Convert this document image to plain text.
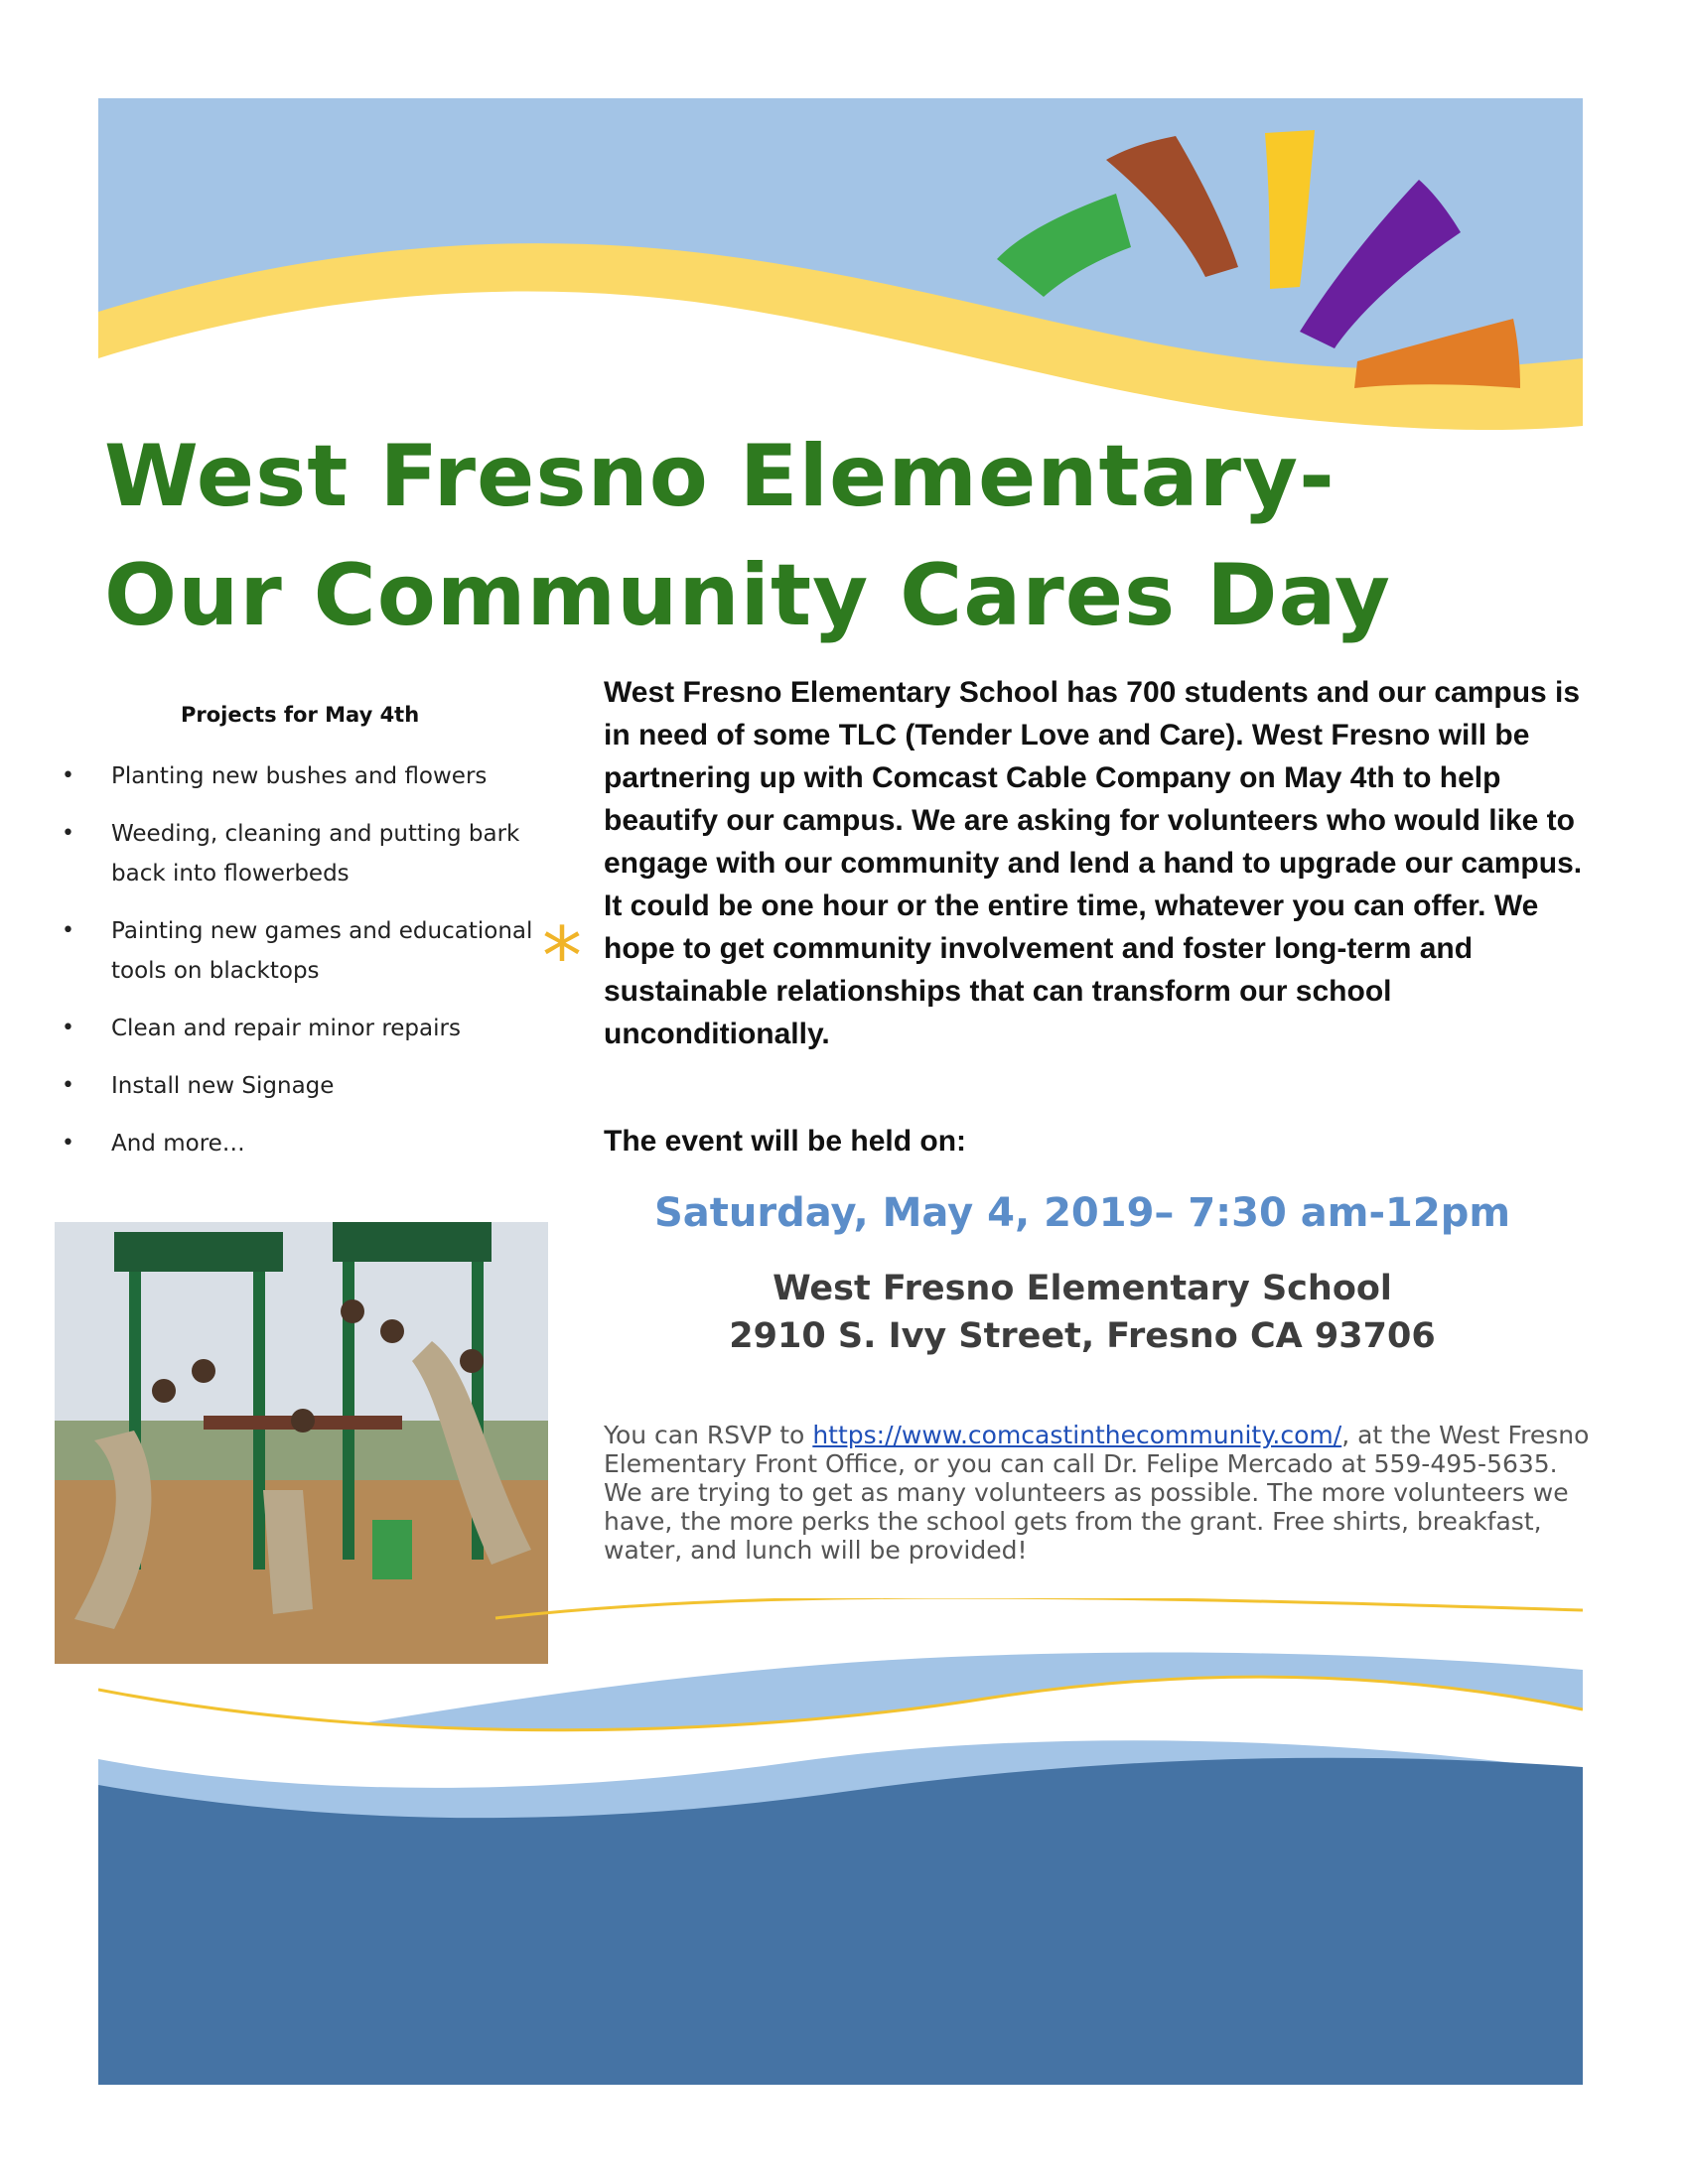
West Fresno Elementary-
Our Community Cares Day
Projects for May 4th
• Planting new bushes and flowers
• Weeding, cleaning and putting bark back into flowerbeds
• Painting new games and educational tools on blacktops
• Clean and repair minor repairs
• Install new Signage
• And more…
*

West Fresno Elementary School has 700 students and our campus is in need of some TLC (Tender Love and Care). West Fresno will be partnering up with Comcast Cable Company on May 4th to help beautify our campus. We are asking for volunteers who would like to engage with our community and lend a hand to upgrade our campus. It could be one hour or the entire time, whatever you can offer. We hope to get community involvement and foster long-term and sustainable relationships that can transform our school unconditionally.

The event will be held on:
Saturday, May 4, 2019– 7:30 am-12pm
West Fresno Elementary School
2910 S. Ivy Street, Fresno CA 93706

You can RSVP to https://www.comcastinthecommunity.com/, at the West Fresno Elementary Front Office, or you can call Dr. Felipe Mercado at 559-495-5635. We are trying to get as many volunteers as possible. The more volunteers we have, the more perks the school gets from the grant. Free shirts, breakfast, water, and lunch will be provided!
